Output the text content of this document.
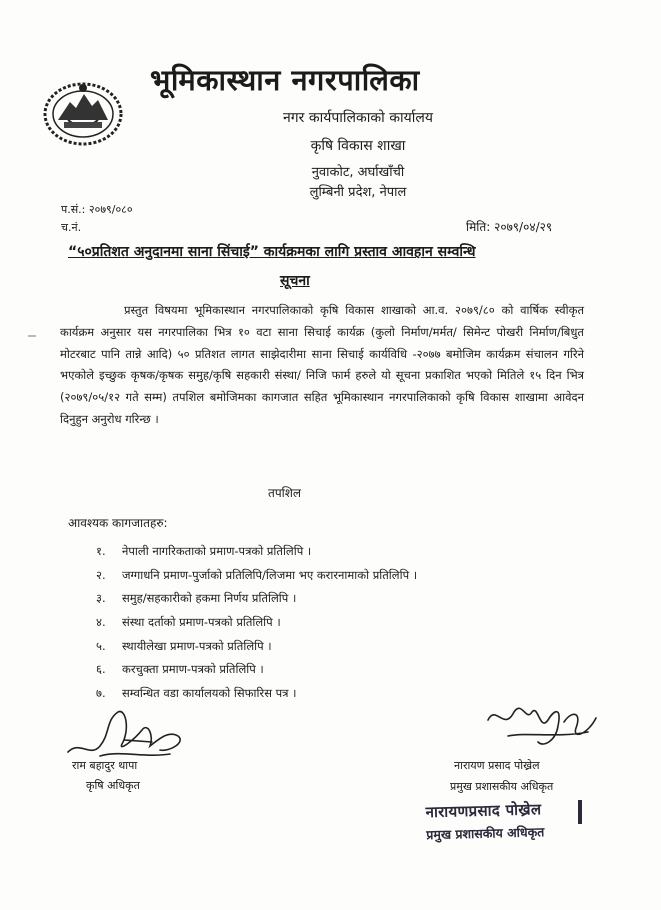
भूमिकास्थान नगरपालिका
नगर कार्यपालिकाको कार्यालय
कृषि विकास शाखा
नुवाकोट, अर्घाखाँची
लुम्बिनी प्रदेश, नेपाल
प.सं.: २०७९/०८०
च.नं.	मिति: २०७९/०४/२९
“५०प्रतिशत अनुदानमा साना सिंचाई” कार्यक्रमका लागि प्रस्ताव आवहान सम्वन्धि
सूचना
प्रस्तुत विषयमा भूमिकास्थान नगरपालिकाको कृषि विकास शाखाको आ.व. २०७९/८० को वार्षिक स्वीकृत कार्यक्रम अनुसार यस नगरपालिका भित्र १० वटा साना सिचाई कार्यक्र (कुलो निर्माण/मर्मत/ सिमेन्ट पोखरी निर्माण/बिधुत मोटरबाट पानि तान्ने आदि) ५० प्रतिशत लागत साझेदारीमा साना सिचाई कार्यविधि -२०७७ बमोजिम कार्यक्रम संचालन गरिने भएकोले इच्छुक कृषक/कृषक समुह/कृषि सहकारी संस्था/ निजि फार्म हरुले यो सूचना प्रकाशित भएको मितिले १५ दिन भित्र (२०७९/०५/१२ गते सम्म) तपशिल बमोजिमका कागजात सहित भूमिकास्थान नगरपालिकाको कृषि विकास शाखामा आवेदन दिनुहुन अनुरोध गरिन्छ ।
तपशिल
आवश्यक कागजातहरु:
१. नेपाली नागरिकताको प्रमाण-पत्रको प्रतिलिपि ।
२. जग्गाधनि प्रमाण-पुर्जाको प्रतिलिपि/लिजमा भए करारनामाको प्रतिलिपि ।
३. समुह/सहकारीको हकमा निर्णय प्रतिलिपि ।
४. संस्था दर्ताको प्रमाण-पत्रको प्रतिलिपि ।
५. स्थायीलेखा प्रमाण-पत्रको प्रतिलिपि ।
६. करचुक्ता प्रमाण-पत्रको प्रतिलिपि ।
७. सम्वन्धित वडा कार्यालयको सिफारिस पत्र ।
राम बहादुर थापा
कृषि अधिकृत
नारायण प्रसाद पोख्रेल
प्रमुख प्रशासकीय अधिकृत
नारायणप्रसाद पोख्रेल
प्रमुख प्रशासकीय अधिकृत
